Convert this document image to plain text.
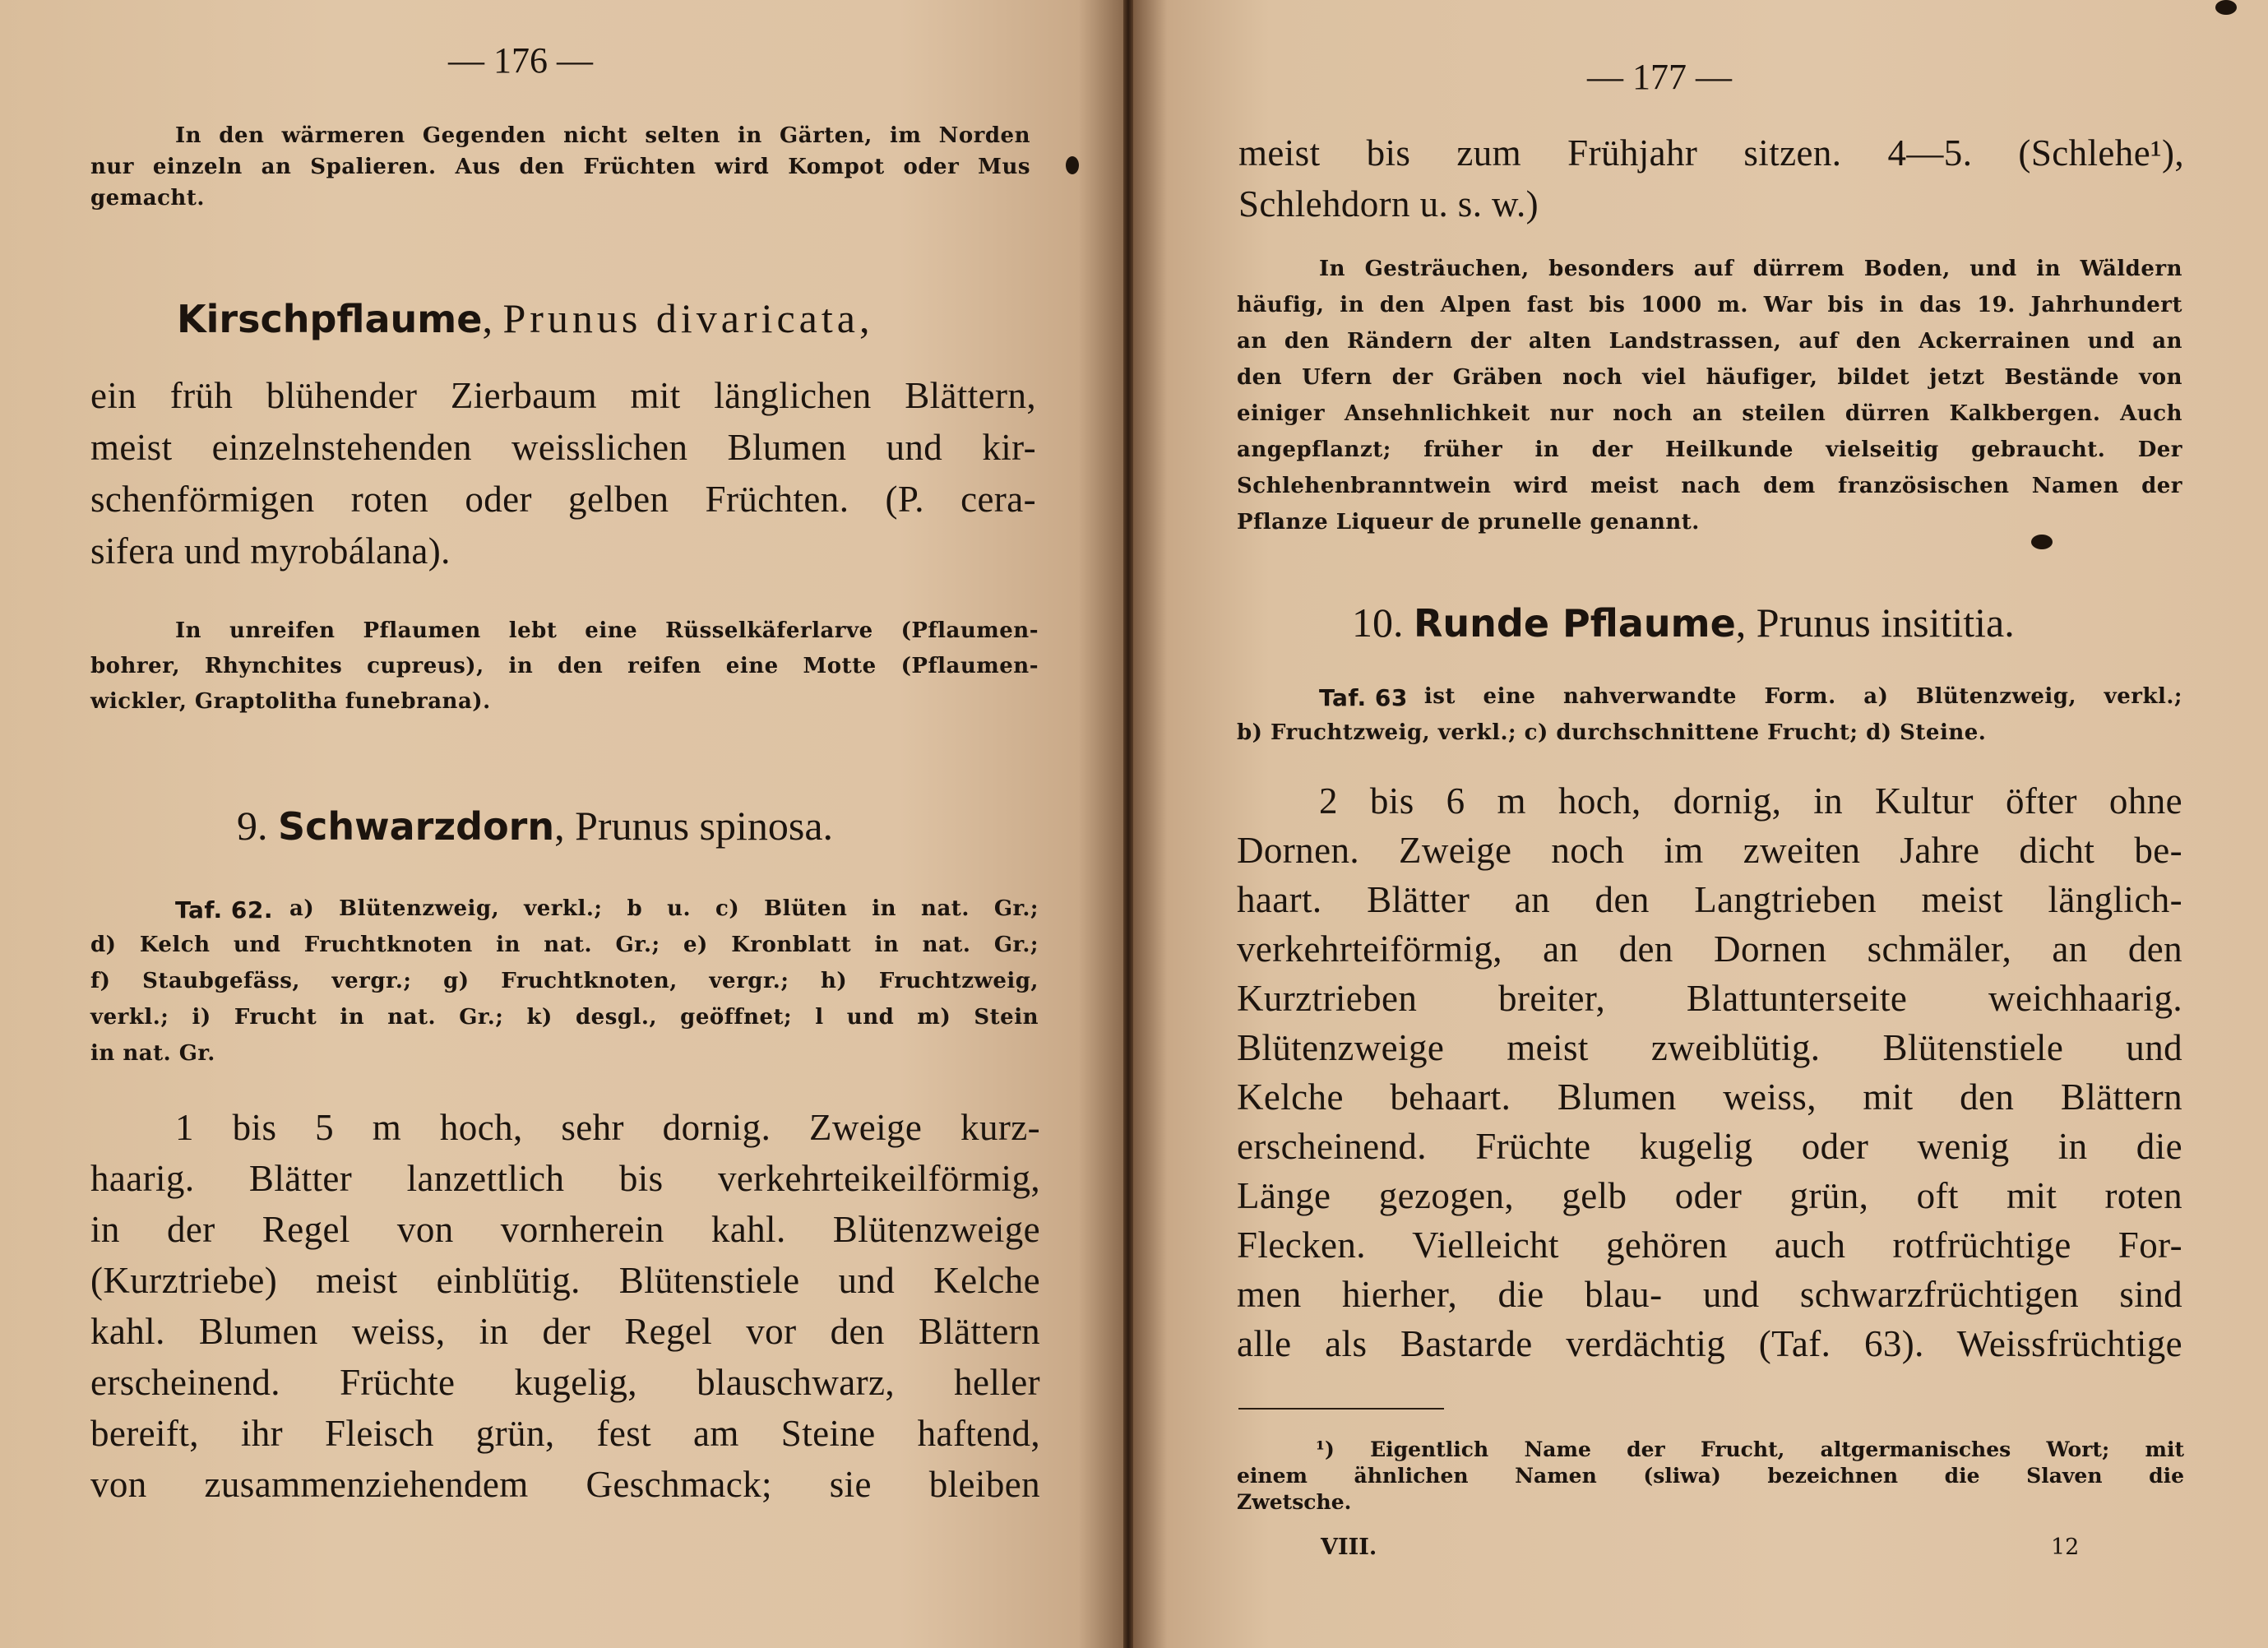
— 176 —
In den wärmeren Gegenden nicht selten in Gärten, im Norden
nur einzeln an Spalieren. Aus den Früchten wird Kompot oder Mus
gemacht.
Kirschpflaume, Prunus divaricata,
ein früh blühender Zierbaum mit länglichen Blättern,
meist einzelnstehenden weisslichen Blumen und kir-
schenförmigen roten oder gelben Früchten. (P. cera-
sifera und myrobálana).
In unreifen Pflaumen lebt eine Rüsselkäferlarve (Pflaumen-
bohrer, Rhynchites cupreus), in den reifen eine Motte (Pflaumen-
wickler, Graptolitha funebrana).
9. Schwarzdorn, Prunus spinosa.
Taf. 62. a) Blütenzweig, verkl.; b u. c) Blüten in nat. Gr.;
d) Kelch und Fruchtknoten in nat. Gr.; e) Kronblatt in nat. Gr.;
f) Staubgefäss, vergr.; g) Fruchtknoten, vergr.; h) Fruchtzweig,
verkl.; i) Frucht in nat. Gr.; k) desgl., geöffnet; l und m) Stein
in nat. Gr.
1 bis 5 m hoch, sehr dornig. Zweige kurz-
haarig. Blätter lanzettlich bis verkehrteikeilförmig,
in der Regel von vornherein kahl. Blütenzweige
(Kurztriebe) meist einblütig. Blütenstiele und Kelche
kahl. Blumen weiss, in der Regel vor den Blättern
erscheinend. Früchte kugelig, blauschwarz, heller
bereift, ihr Fleisch grün, fest am Steine haftend,
von zusammenziehendem Geschmack; sie bleiben
— 177 —
meist bis zum Frühjahr sitzen. 4—5. (Schlehe¹),
Schlehdorn u. s. w.)
In Gesträuchen, besonders auf dürrem Boden, und in Wäldern
häufig, in den Alpen fast bis 1000 m. War bis in das 19. Jahrhundert
an den Rändern der alten Landstrassen, auf den Ackerrainen und an
den Ufern der Gräben noch viel häufiger, bildet jetzt Bestände von
einiger Ansehnlichkeit nur noch an steilen dürren Kalkbergen. Auch
angepflanzt; früher in der Heilkunde vielseitig gebraucht. Der
Schlehenbranntwein wird meist nach dem französischen Namen der
Pflanze Liqueur de prunelle genannt.
10. Runde Pflaume, Prunus insititia.
Taf. 63 ist eine nahverwandte Form. a) Blütenzweig, verkl.;
b) Fruchtzweig, verkl.; c) durchschnittene Frucht; d) Steine.
2 bis 6 m hoch, dornig, in Kultur öfter ohne
Dornen. Zweige noch im zweiten Jahre dicht be-
haart. Blätter an den Langtrieben meist länglich-
verkehrteiförmig, an den Dornen schmäler, an den
Kurztrieben breiter, Blattunterseite weichhaarig.
Blütenzweige meist zweiblütig. Blütenstiele und
Kelche behaart. Blumen weiss, mit den Blättern
erscheinend. Früchte kugelig oder wenig in die
Länge gezogen, gelb oder grün, oft mit roten
Flecken. Vielleicht gehören auch rotfrüchtige For-
men hierher, die blau- und schwarzfrüchtigen sind
alle als Bastarde verdächtig (Taf. 63). Weissfrüchtige
¹) Eigentlich Name der Frucht, altgermanisches Wort; mit
einem ähnlichen Namen (sliwa) bezeichnen die Slaven die
Zwetsche.
VIII.	12
